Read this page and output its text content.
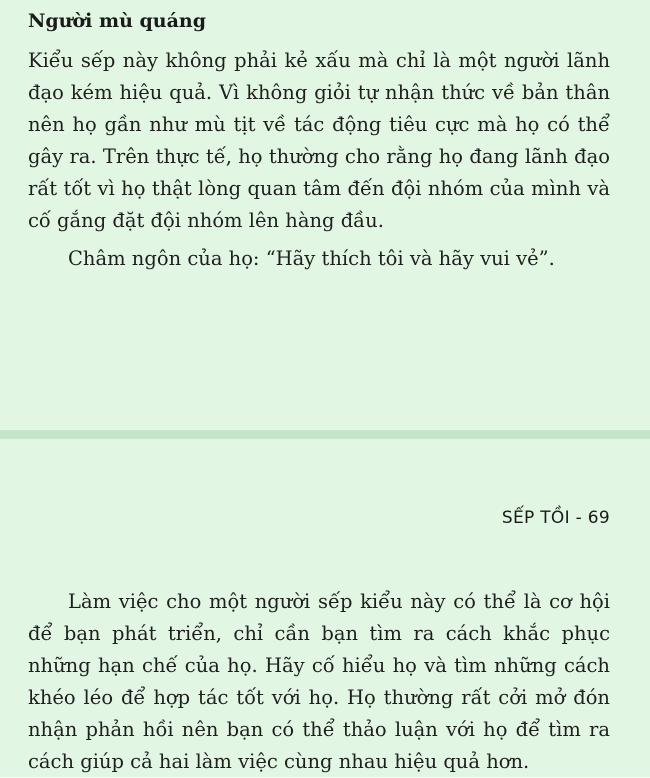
Người mù quáng

Kiểu sếp này không phải kẻ xấu mà chỉ là một người lãnh đạo kém hiệu quả. Vì không giỏi tự nhận thức về bản thân nên họ gần như mù tịt về tác động tiêu cực mà họ có thể gây ra. Trên thực tế, họ thường cho rằng họ đang lãnh đạo rất tốt vì họ thật lòng quan tâm đến đội nhóm của mình và cố gắng đặt đội nhóm lên hàng đầu.

Châm ngôn của họ: “Hãy thích tôi và hãy vui vẻ”.

SẾP TỒI - 69

Làm việc cho một người sếp kiểu này có thể là cơ hội để bạn phát triển, chỉ cần bạn tìm ra cách khắc phục những hạn chế của họ. Hãy cố hiểu họ và tìm những cách khéo léo để hợp tác tốt với họ. Họ thường rất cởi mở đón nhận phản hồi nên bạn có thể thảo luận với họ để tìm ra cách giúp cả hai làm việc cùng nhau hiệu quả hơn.
